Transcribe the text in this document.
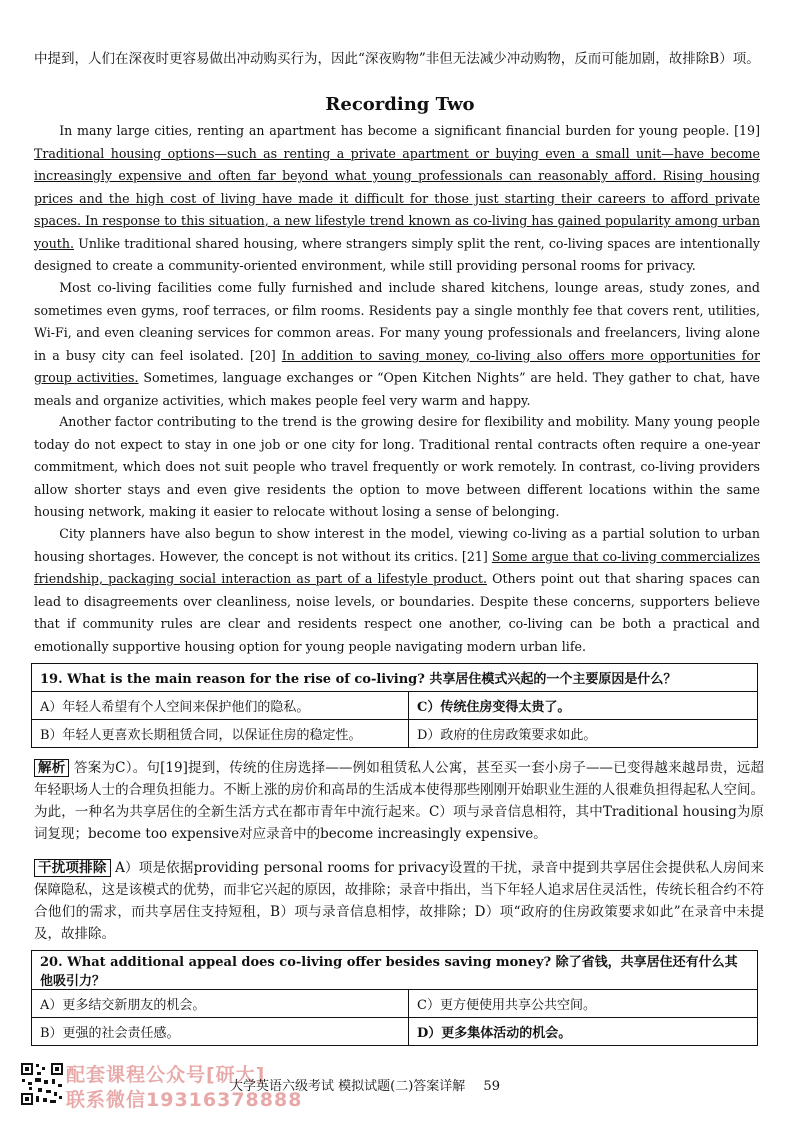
中提到，人们在深夜时更容易做出冲动购买行为，因此“深夜购物”非但无法减少冲动购物，反而可能加剧，故排除B）项。
Recording Two
In many large cities, renting an apartment has become a significant financial burden for young people. [19] Traditional housing options—such as renting a private apartment or buying even a small unit—have become increasingly expensive and often far beyond what young professionals can reasonably afford. Rising housing prices and the high cost of living have made it difficult for those just starting their careers to afford private spaces. In response to this situation, a new lifestyle trend known as co-living has gained popularity among urban youth. Unlike traditional shared housing, where strangers simply split the rent, co-living spaces are intentionally designed to create a community-oriented environment, while still providing personal rooms for privacy.
Most co-living facilities come fully furnished and include shared kitchens, lounge areas, study zones, and sometimes even gyms, roof terraces, or film rooms. Residents pay a single monthly fee that covers rent, utilities, Wi-Fi, and even cleaning services for common areas. For many young professionals and freelancers, living alone in a busy city can feel isolated. [20] In addition to saving money, co-living also offers more opportunities for group activities. Sometimes, language exchanges or “Open Kitchen Nights” are held. They gather to chat, have meals and organize activities, which makes people feel very warm and happy.
Another factor contributing to the trend is the growing desire for flexibility and mobility. Many young people today do not expect to stay in one job or one city for long. Traditional rental contracts often require a one-year commitment, which does not suit people who travel frequently or work remotely. In contrast, co-living providers allow shorter stays and even give residents the option to move between different locations within the same housing network, making it easier to relocate without losing a sense of belonging.
City planners have also begun to show interest in the model, viewing co-living as a partial solution to urban housing shortages. However, the concept is not without its critics. [21] Some argue that co-living commercializes friendship, packaging social interaction as part of a lifestyle product. Others point out that sharing spaces can lead to disagreements over cleanliness, noise levels, or boundaries. Despite these concerns, supporters believe that if community rules are clear and residents respect one another, co-living can be both a practical and emotionally supportive housing option for young people navigating modern urban life.
19. What is the main reason for the rise of co-living? 共享居住模式兴起的一个主要原因是什么？	
A）年轻人希望有个人空间来保护他们的隐私。	C）传统住房变得太贵了。
B）年轻人更喜欢长期租赁合同，以保证住房的稳定性。	D）政府的住房政策要求如此。
解析 答案为C）。句[19]提到，传统的住房选择——例如租赁私人公寓，甚至买一套小房子——已变得越来越昂贵，远超年轻职场人士的合理负担能力。不断上涨的房价和高昂的生活成本使得那些刚刚开始职业生涯的人很难负担得起私人空间。为此，一种名为共享居住的全新生活方式在都市青年中流行起来。C）项与录音信息相符，其中Traditional housing为原词复现；become too expensive对应录音中的become increasingly expensive。
干扰项排除 A）项是依据providing personal rooms for privacy设置的干扰，录音中提到共享居住会提供私人房间来保障隐私，这是该模式的优势，而非它兴起的原因，故排除；录音中指出，当下年轻人追求居住灵活性，传统长租合约不符合他们的需求，而共享居住支持短租，B）项与录音信息相悖，故排除；D）项“政府的住房政策要求如此”在录音中未提及，故排除。
20. What additional appeal does co-living offer besides saving money? 除了省钱，共享居住还有什么其他吸引力？	
A）更多结交新朋友的机会。	C）更方便使用共享公共空间。
B）更强的社会责任感。	D）更多集体活动的机会。
配套课程公众号[研大]
联系微信19316378888
大学英语六级考试 模拟试题(二)答案详解 59
